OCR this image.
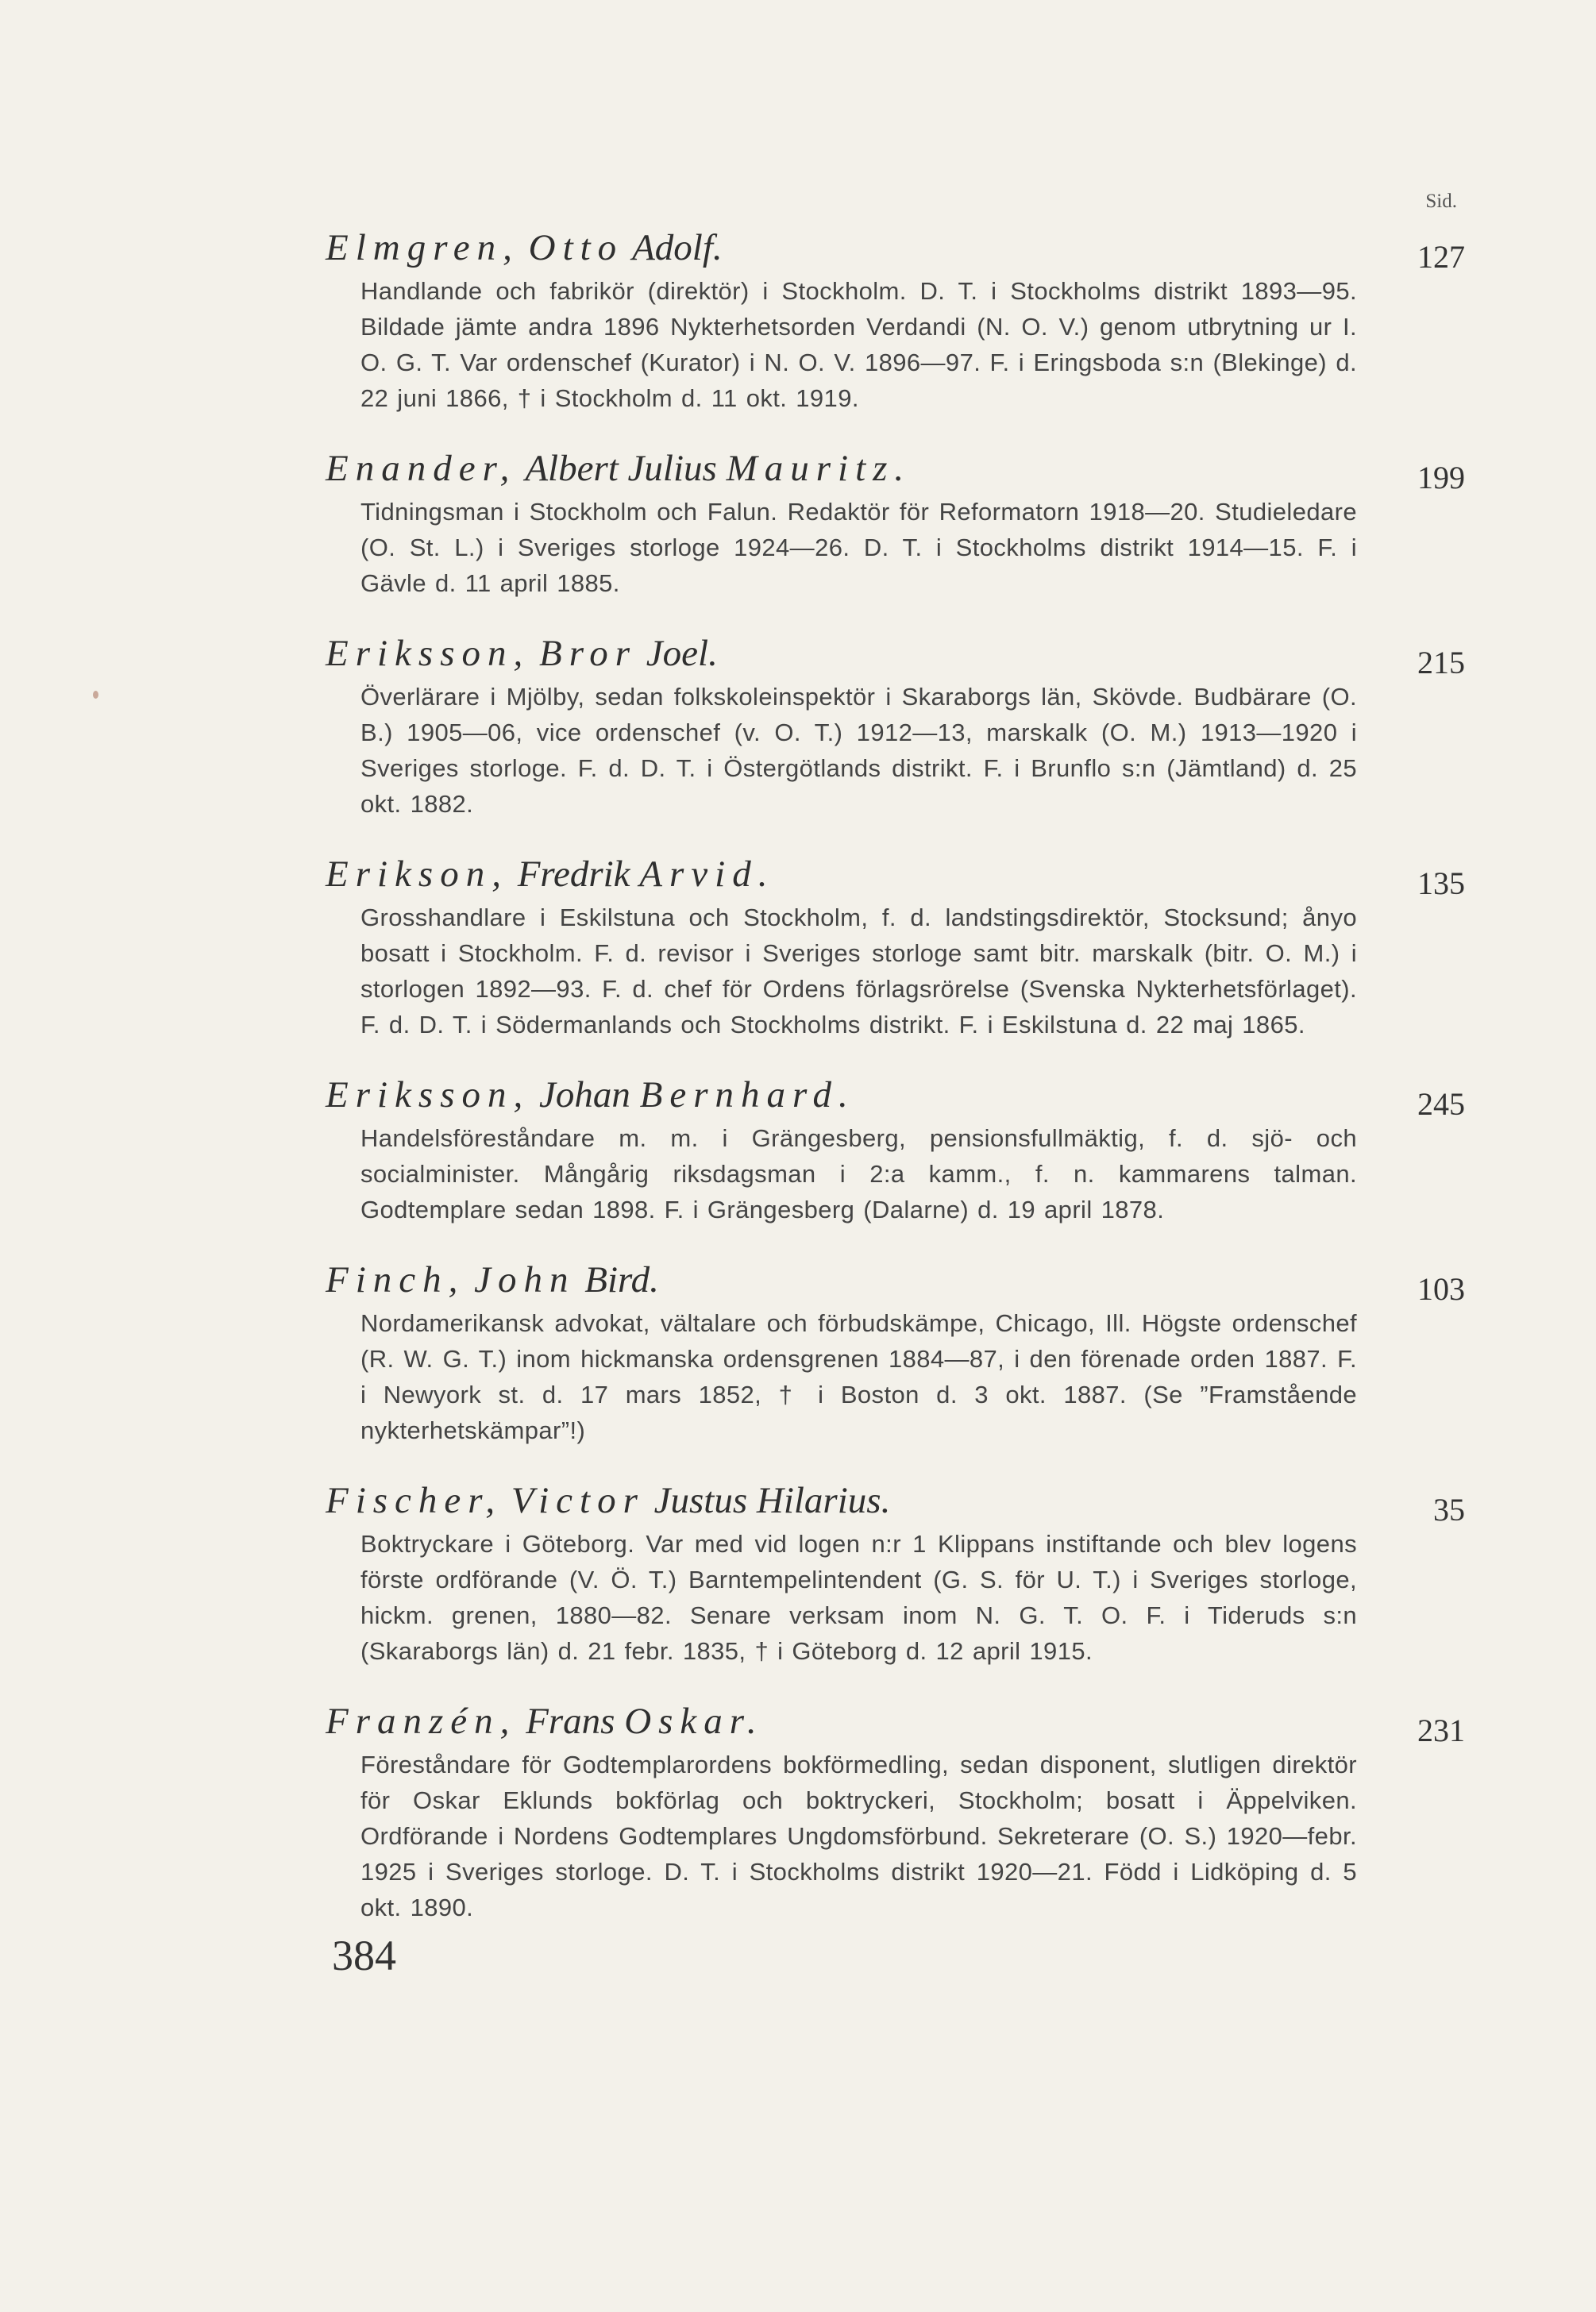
Sid.
Elmgren, Otto Adolf.	127
Handlande och fabrikör (direktör) i Stockholm. D. T. i Stockholms distrikt 1893—95. Bildade jämte andra 1896 Nykterhetsorden Verdandi (N. O. V.) genom utbrytning ur I. O. G. T. Var ordenschef (Kurator) i N. O. V. 1896—97. F. i Eringsboda s:n (Blekinge) d. 22 juni 1866, † i Stockholm d. 11 okt. 1919.
Enander, Albert Julius Mauritz.	199
Tidningsman i Stockholm och Falun. Redaktör för Reformatorn 1918—20. Studieledare (O. St. L.) i Sveriges storloge 1924—26. D. T. i Stockholms distrikt 1914—15. F. i Gävle d. 11 april 1885.
Eriksson, Bror Joel.	215
Överlärare i Mjölby, sedan folkskoleinspektör i Skaraborgs län, Skövde. Budbärare (O. B.) 1905—06, vice ordenschef (v. O. T.) 1912—13, marskalk (O. M.) 1913—1920 i Sveriges storloge. F. d. D. T. i Östergötlands distrikt. F. i Brunflo s:n (Jämtland) d. 25 okt. 1882.
Erikson, Fredrik Arvid.	135
Grosshandlare i Eskilstuna och Stockholm, f. d. landstingsdirektör, Stocksund; ånyo bosatt i Stockholm. F. d. revisor i Sveriges storloge samt bitr. marskalk (bitr. O. M.) i storlogen 1892—93. F. d. chef för Ordens förlagsrörelse (Svenska Nykterhetsförlaget). F. d. D. T. i Södermanlands och Stockholms distrikt. F. i Eskilstuna d. 22 maj 1865.
Eriksson, Johan Bernhard.	245
Handelsföreståndare m. m. i Grängesberg, pensionsfullmäktig, f. d. sjö- och socialminister. Mångårig riksdagsman i 2:a kamm., f. n. kammarens talman. Godtemplare sedan 1898. F. i Grängesberg (Dalarne) d. 19 april 1878.
Finch, John Bird.	103
Nordamerikansk advokat, vältalare och förbudskämpe, Chicago, Ill. Högste ordenschef (R. W. G. T.) inom hickmanska ordensgrenen 1884—87, i den förenade orden 1887. F. i Newyork st. d. 17 mars 1852, † i Boston d. 3 okt. 1887. (Se ”Framstående nykterhetskämpar”!)
Fischer, Victor Justus Hilarius.	35
Boktryckare i Göteborg. Var med vid logen n:r 1 Klippans instiftande och blev logens förste ordförande (V. Ö. T.) Barntempelintendent (G. S. för U. T.) i Sveriges storloge, hickm. grenen, 1880—82. Senare verksam inom N. G. T. O. F. i Tideruds s:n (Skaraborgs län) d. 21 febr. 1835, † i Göteborg d. 12 april 1915.
Franzén, Frans Oskar.	231
Föreståndare för Godtemplarordens bokförmedling, sedan disponent, slutligen direktör för Oskar Eklunds bokförlag och boktryckeri, Stockholm; bosatt i Äppelviken. Ordförande i Nordens Godtemplares Ungdomsförbund. Sekreterare (O. S.) 1920—febr. 1925 i Sveriges storloge. D. T. i Stockholms distrikt 1920—21. Född i Lidköping d. 5 okt. 1890.
384
